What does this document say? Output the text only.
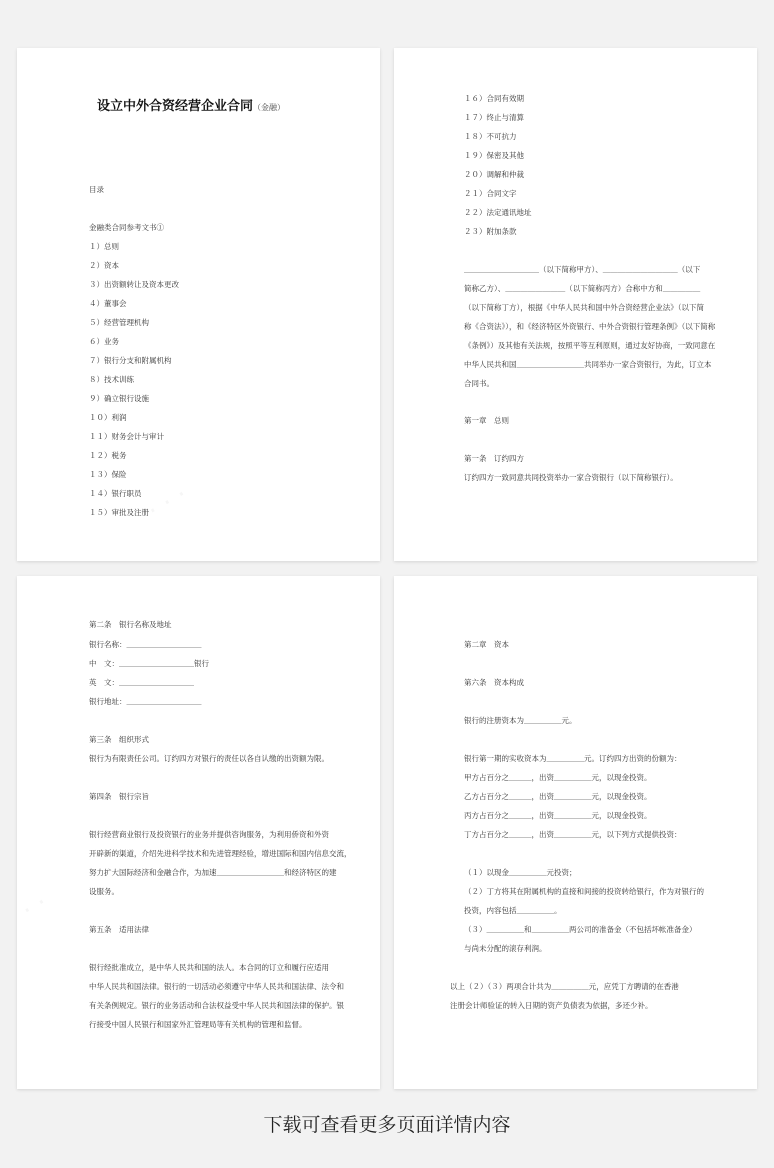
设立中外合资经营企业合同（金融）
目录
金融类合同参考文书①
１）总则
２）资本
３）出资额转让及资本更改
４）董事会
５）经营管理机构
６）业务
７）银行分支和附属机构
８）技术训练
９）确立银行设施
１０）利润
１１）财务会计与审计
１２）税务
１３）保险
１４）银行职员
１５）审批及注册
１６）合同有效期
１７）终止与清算
１８）不可抗力
１９）保密及其他
２０）调解和仲裁
２１）合同文字
２２）法定通讯地址
２３）附加条款
＿＿＿＿＿＿＿＿＿＿（以下简称甲方）、＿＿＿＿＿＿＿＿＿＿（以下
简称乙方）、＿＿＿＿＿＿＿＿（以下简称丙方）合称中方和＿＿＿＿＿
（以下简称丁方），根据《中华人民共和国中外合资经营企业法》（以下简
称《合资法》），和《经济特区外资银行、中外合资银行管理条例》（以下简称
《条例》）及其他有关法规，按照平等互利原则，通过友好协商，一致同意在
中华人民共和国＿＿＿＿＿＿＿＿＿共同举办一家合资银行，为此，订立本
合同书。
第一章　总则
第一条　订约四方
订约四方一致同意共同投资举办一家合资银行（以下简称银行）。
第二条　银行名称及地址
银行名称：＿＿＿＿＿＿＿＿＿＿
中　文：＿＿＿＿＿＿＿＿＿＿银行
英　文：＿＿＿＿＿＿＿＿＿＿
银行地址：＿＿＿＿＿＿＿＿＿＿
第三条　组织形式
银行为有限责任公司。订约四方对银行的责任以各自认缴的出资额为限。
第四条　银行宗旨
银行经营商业银行及投资银行的业务并提供咨询服务，为利用侨资和外资
开辟新的渠道，介绍先进科学技术和先进管理经验，增进国际和国内信息交流，
努力扩大国际经济和金融合作，为加速＿＿＿＿＿＿＿＿＿和经济特区的建
设服务。
第五条　适用法律
银行经批准成立，是中华人民共和国的法人。本合同的订立和履行应适用
中华人民共和国法律。银行的一切活动必须遵守中华人民共和国法律、法令和
有关条例规定。银行的业务活动和合法权益受中华人民共和国法律的保护。银
行接受中国人民银行和国家外汇管理局等有关机构的管理和监督。
第二章　资本
第六条　资本构成
银行的注册资本为＿＿＿＿＿元。
银行第一期的实收资本为＿＿＿＿＿元。订约四方出资的份额为：
甲方占百分之＿＿＿，出资＿＿＿＿＿元，以现金投资。
乙方占百分之＿＿＿，出资＿＿＿＿＿元，以现金投资。
丙方占百分之＿＿＿，出资＿＿＿＿＿元，以现金投资。
丁方占百分之＿＿＿，出资＿＿＿＿＿元，以下列方式提供投资：
（１）以现金＿＿＿＿＿元投资；
（２）丁方将其在附属机构的直接和间接的投资转给银行，作为对银行的
投资，内容包括＿＿＿＿＿。
（３）＿＿＿＿＿和＿＿＿＿＿两公司的准备金（不包括坏帐准备金）
与尚未分配的滚存利润。
以上（２）（３）两项合计共为＿＿＿＿＿元，应凭丁方聘请的在香港
注册会计师验证的转入日期的资产负债表为依据，多还少补。
下载可查看更多页面详情内容
